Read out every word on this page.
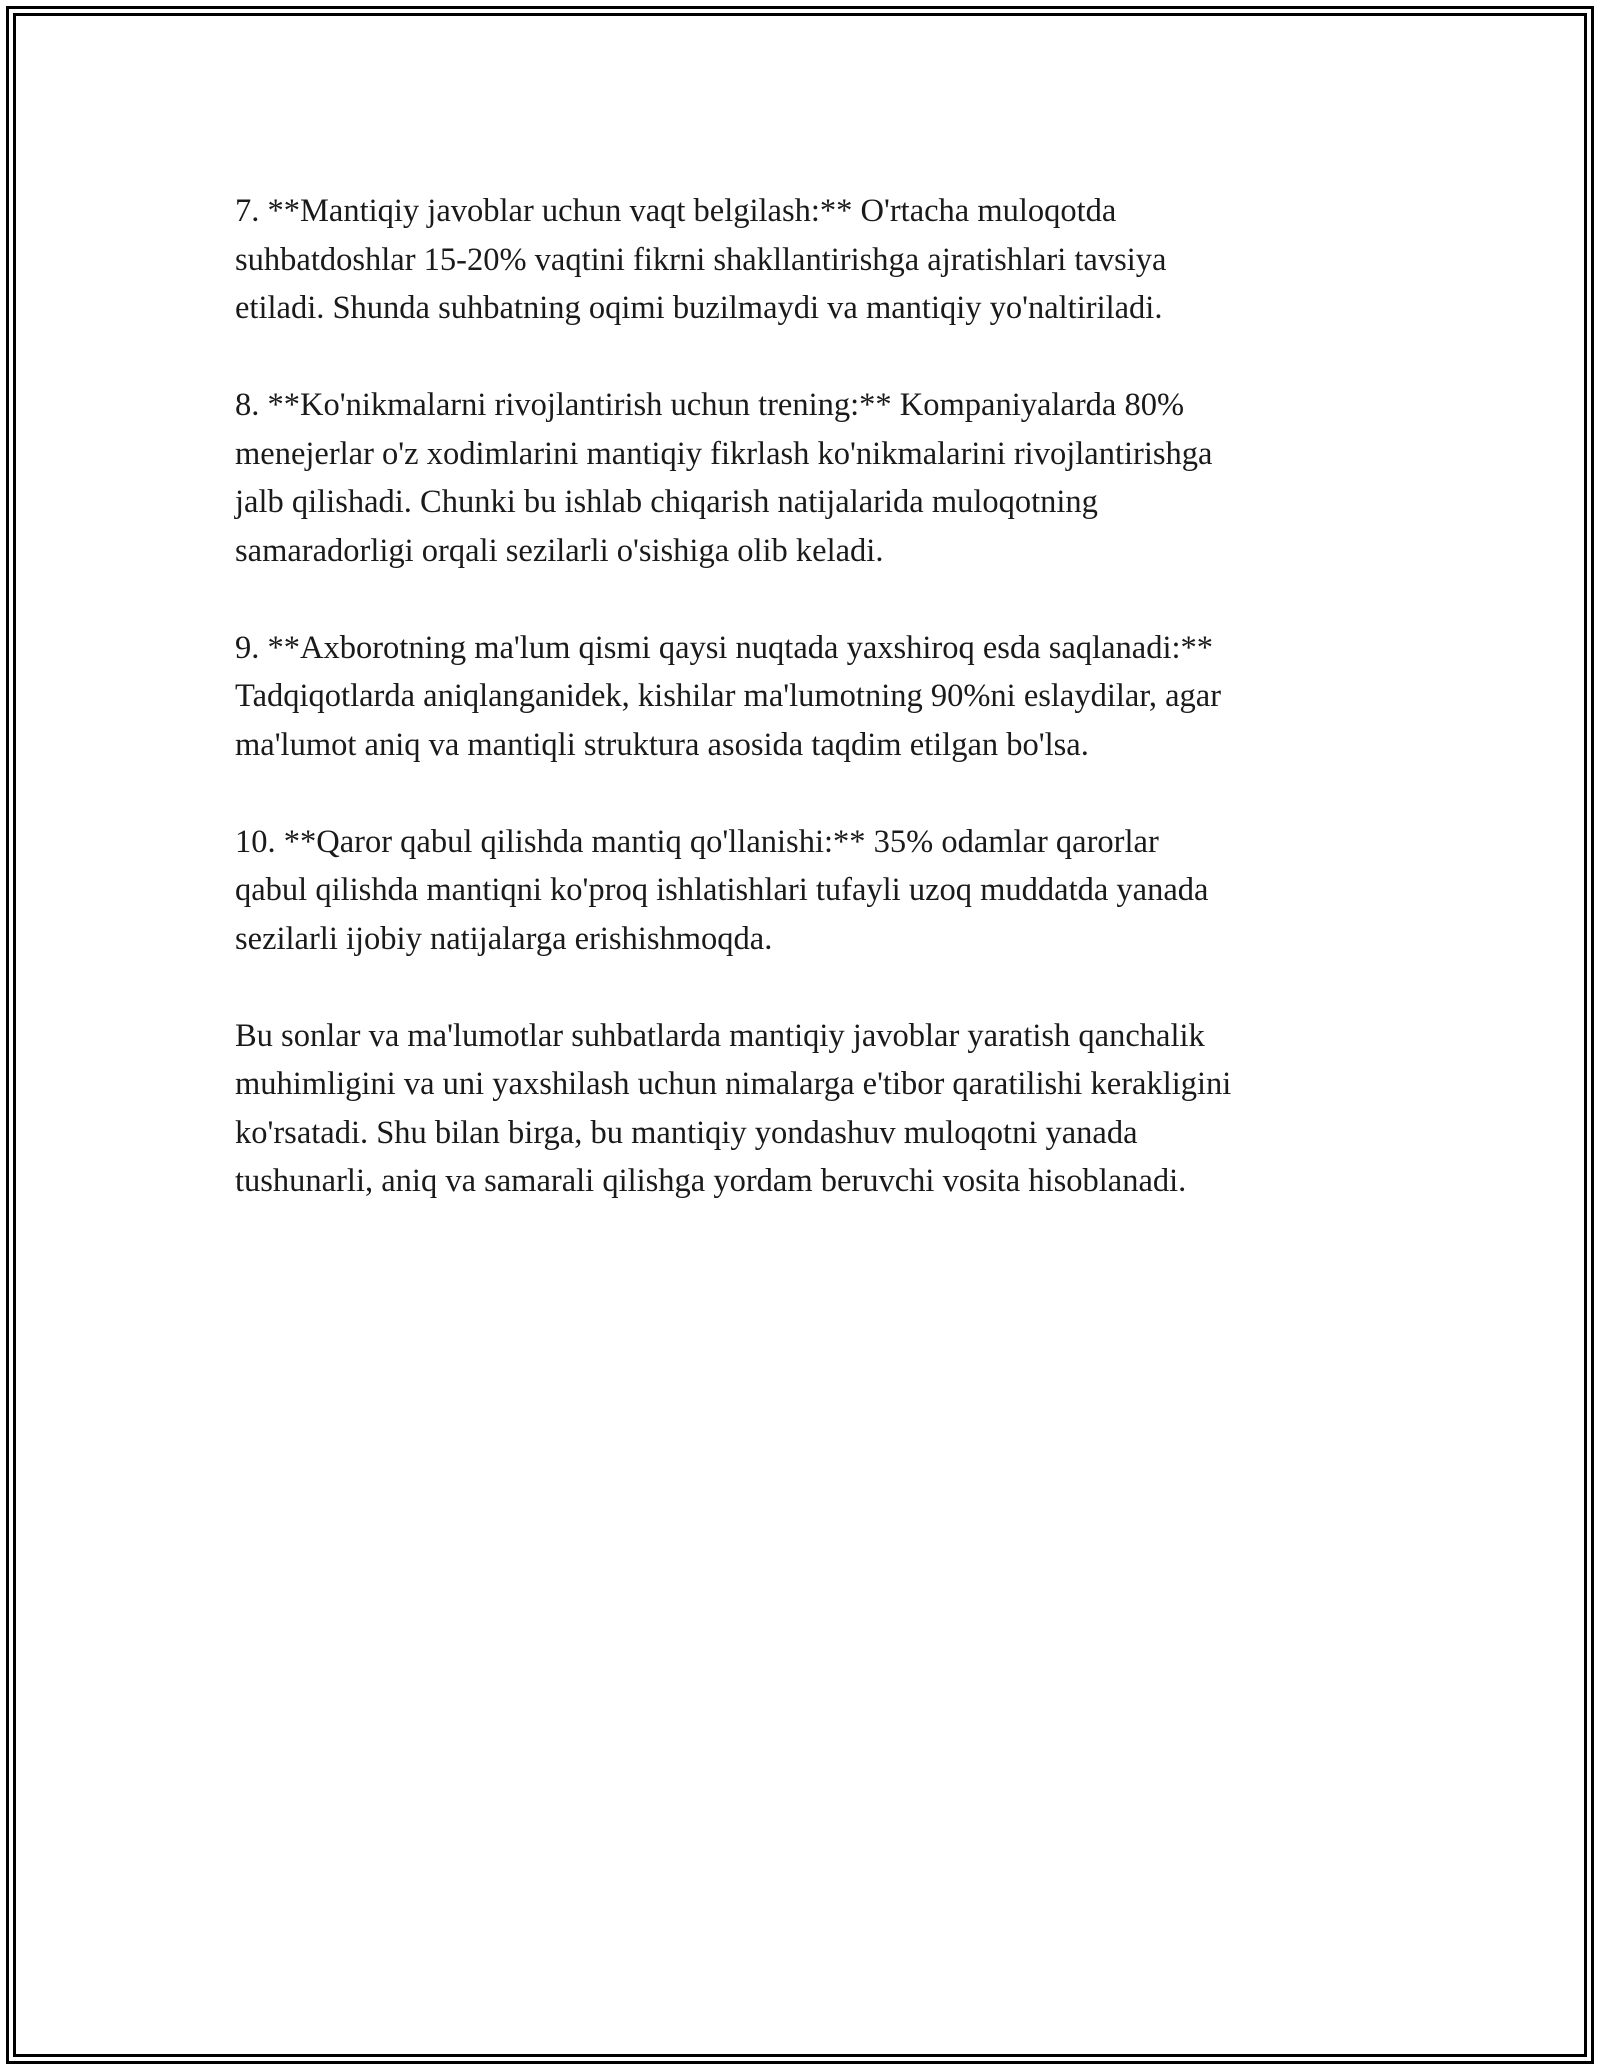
7. **Mantiqiy javoblar uchun vaqt belgilash:** O'rtacha muloqotda
suhbatdoshlar 15-20% vaqtini fikrni shakllantirishga ajratishlari tavsiya
etiladi. Shunda suhbatning oqimi buzilmaydi va mantiqiy yo'naltiriladi.

8. **Ko'nikmalarni rivojlantirish uchun trening:** Kompaniyalarda 80%
menejerlar o'z xodimlarini mantiqiy fikrlash ko'nikmalarini rivojlantirishga
jalb qilishadi. Chunki bu ishlab chiqarish natijalarida muloqotning
samaradorligi orqali sezilarli o'sishiga olib keladi.

9. **Axborotning ma'lum qismi qaysi nuqtada yaxshiroq esda saqlanadi:**
Tadqiqotlarda aniqlanganidek, kishilar ma'lumotning 90%ni eslaydilar, agar
ma'lumot aniq va mantiqli struktura asosida taqdim etilgan bo'lsa.

10. **Qaror qabul qilishda mantiq qo'llanishi:** 35% odamlar qarorlar
qabul qilishda mantiqni ko'proq ishlatishlari tufayli uzoq muddatda yanada
sezilarli ijobiy natijalarga erishishmoqda.

Bu sonlar va ma'lumotlar suhbatlarda mantiqiy javoblar yaratish qanchalik
muhimligini va uni yaxshilash uchun nimalarga e'tibor qaratilishi kerakligini
ko'rsatadi. Shu bilan birga, bu mantiqiy yondashuv muloqotni yanada
tushunarli, aniq va samarali qilishga yordam beruvchi vosita hisoblanadi.
